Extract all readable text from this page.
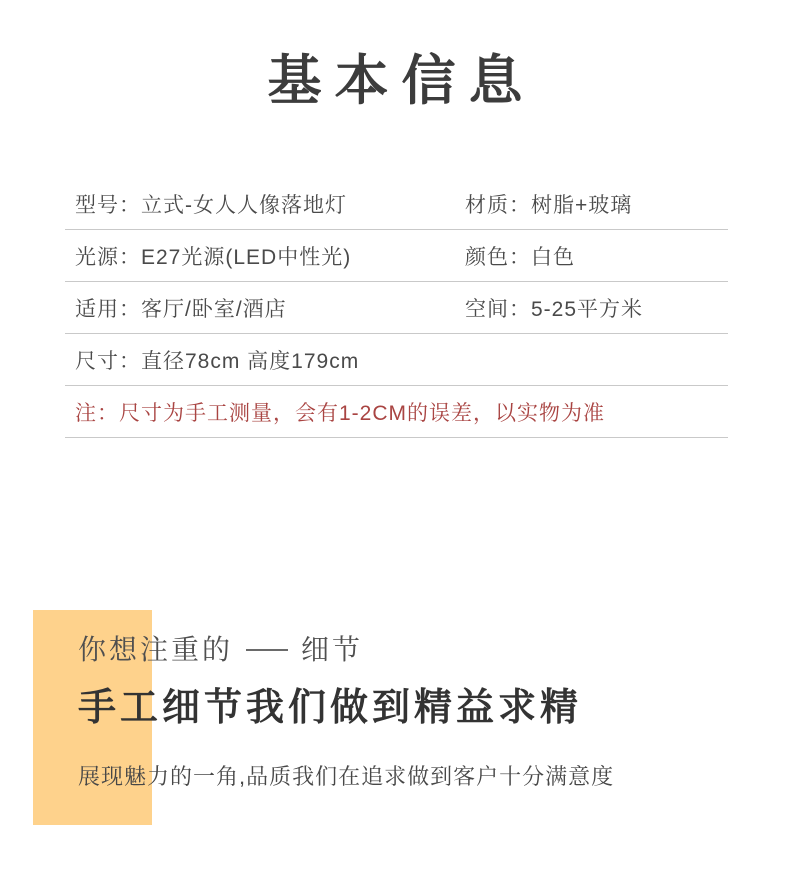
基本信息
型号：立式-女人人像落地灯	材质：树脂+玻璃
光源：E27光源(LED中性光)	颜色：白色
适用：客厅/卧室/酒店	空间：5-25平方米
尺寸：直径78cm 高度179cm
注：尺寸为手工测量，会有1-2CM的误差，以实物为准
你想注重的 细节
手工细节我们做到精益求精

展现魅力的一角,品质我们在追求做到客户十分满意度
